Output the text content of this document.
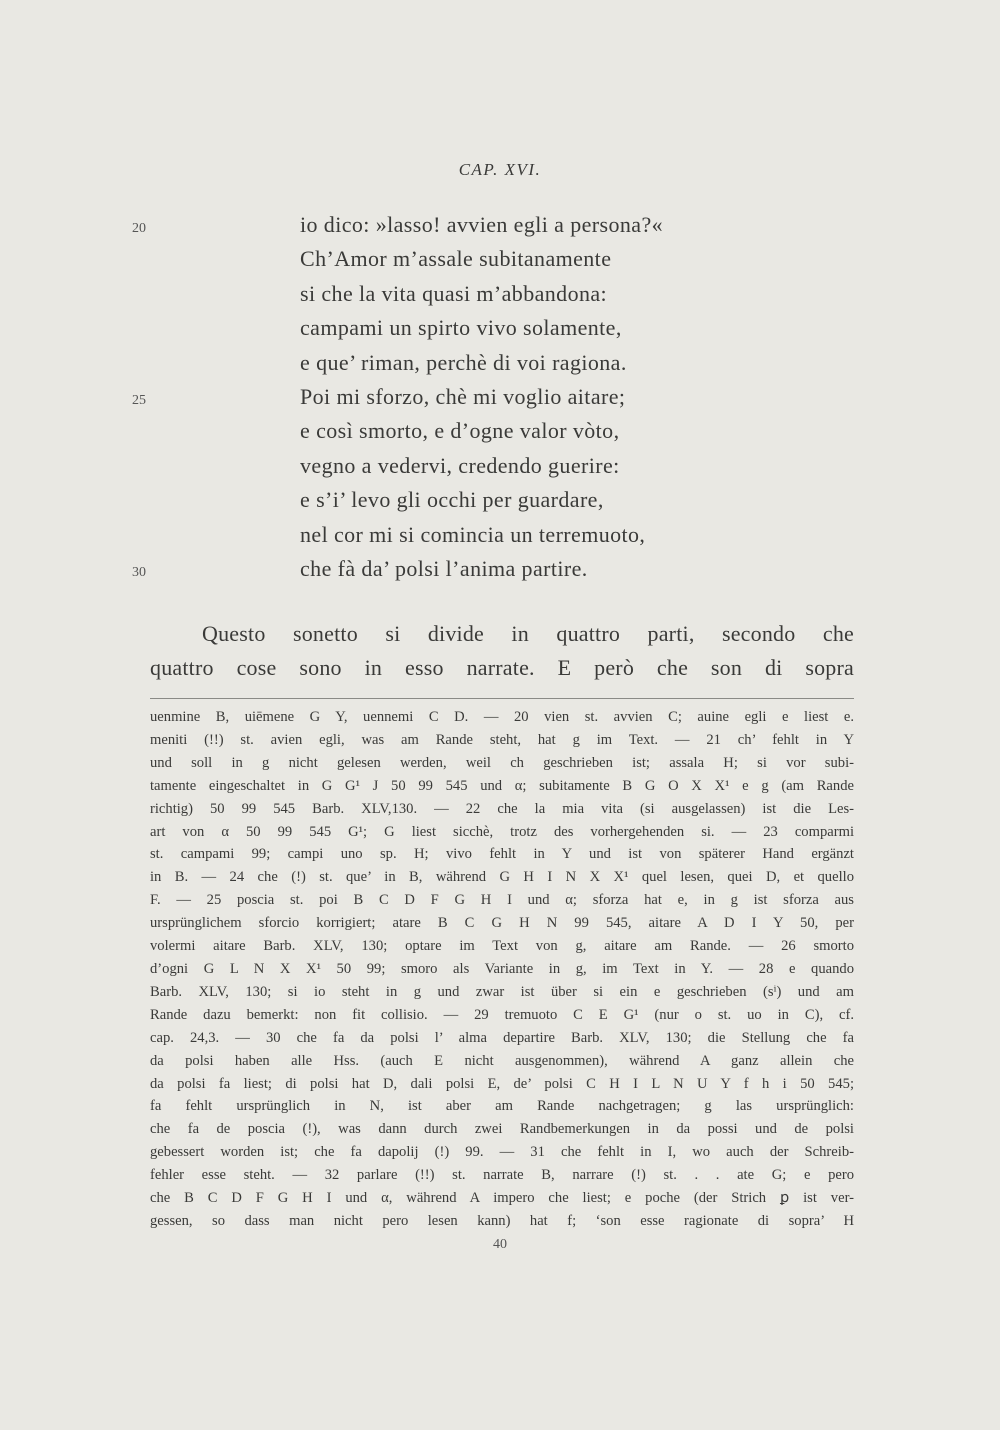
CAP. XVI.
20	io dico: »lasso! avvien egli a persona?«
Ch’Amor m’assale subitanamente
si che la vita quasi m’abbandona:
campami un spirto vivo solamente,
e que’ riman, perchè di voi ragiona.
25	Poi mi sforzo, chè mi voglio aitare;
e così smorto, e d’ogne valor vòto,
vegno a vedervi, credendo guerire:
e s’i’ levo gli occhi per guardare,
nel cor mi si comincia un terremuoto,
30	che fà da’ polsi l’anima partire.

Questo sonetto si divide in quattro parti, secondo che

quattro cose sono in esso narrate. E però che son di sopra

uenmine B, uiēmene G Y, uennemi C D. — 20 vien st. avvien C; auine egli e liest e.
meniti (!!) st. avien egli, was am Rande steht, hat g im Text. — 21 ch’ fehlt in Y
und soll in g nicht gelesen werden, weil ch geschrieben ist; assala H; si vor subi-
tamente eingeschaltet in G G¹ J 50 99 545 und α; subitamente B G O X X¹ e g (am Rande
richtig) 50 99 545 Barb. XLV,130. — 22 che la mia vita (si ausgelassen) ist die Les-
art von α 50 99 545 G¹; G liest sicchè, trotz des vorhergehenden si. — 23 comparmi
st. campami 99; campi uno sp. H; vivo fehlt in Y und ist von späterer Hand ergänzt
in B. — 24 che (!) st. que’ in B, während G H I N X X¹ quel lesen, quei D, et quello
F. — 25 poscia st. poi B C D F G H I und α; sforza hat e, in g ist sforza aus
ursprünglichem sforcio korrigiert; atare B C G H N 99 545, aitare A D I Y 50, per
volermi aitare Barb. XLV, 130; optare im Text von g, aitare am Rande. — 26 smorto
d’ogni G L N X X¹ 50 99; smoro als Variante in g, im Text in Y. — 28 e quando
Barb. XLV, 130; si io steht in g und zwar ist über si ein e geschrieben (sⁱ) und am
Rande dazu bemerkt: non fit collisio. — 29 tremuoto C E G¹ (nur o st. uo in C), cf.
cap. 24,3. — 30 che fa da polsi l’ alma departire Barb. XLV, 130; die Stellung che fa
da polsi haben alle Hss. (auch E nicht ausgenommen), während A ganz allein che
da polsi fa liest; di polsi hat D, dali polsi E, de’ polsi C H I L N U Y f h i 50 545;
fa fehlt ursprünglich in N, ist aber am Rande nachgetragen; g las ursprünglich:
che fa de poscia (!), was dann durch zwei Randbemerkungen in da possi und de polsi
gebessert worden ist; che fa dapolij (!) 99. — 31 che fehlt in I, wo auch der Schreib-
fehler esse steht. — 32 parlare (!!) st. narrate B, narrare (!) st. . . ate G; e pero
che B C D F G H I und α, während A impero che liest; e poche (der Strich ꝑ ist ver-
gessen, so dass man nicht pero lesen kann) hat f; ‘son esse ragionate di sopra’ H
40
